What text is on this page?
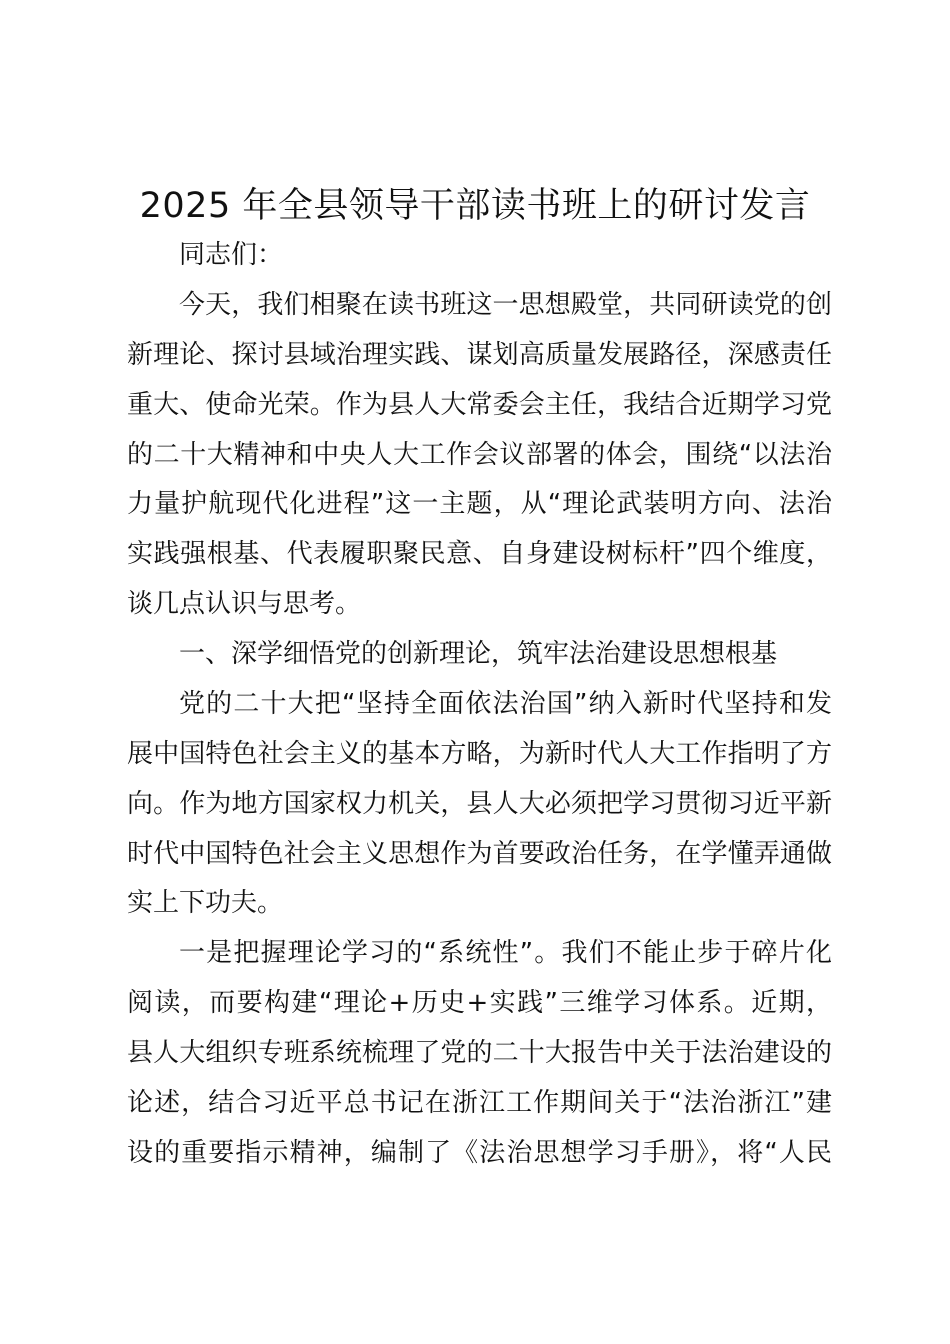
2025 年全县领导干部读书班上的研讨发言
同志们：
今天，我们相聚在读书班这一思想殿堂，共同研读党的创
新理论、探讨县域治理实践、谋划高质量发展路径，深感责任
重大、使命光荣。作为县人大常委会主任，我结合近期学习党
的二十大精神和中央人大工作会议部署的体会，围绕“以法治
力量护航现代化进程”这一主题，从“理论武装明方向、法治
实践强根基、代表履职聚民意、自身建设树标杆”四个维度，
谈几点认识与思考。
一、深学细悟党的创新理论，筑牢法治建设思想根基
党的二十大把“坚持全面依法治国”纳入新时代坚持和发
展中国特色社会主义的基本方略，为新时代人大工作指明了方
向。作为地方国家权力机关，县人大必须把学习贯彻习近平新
时代中国特色社会主义思想作为首要政治任务，在学懂弄通做
实上下功夫。
一是把握理论学习的“系统性”。我们不能止步于碎片化
阅读，而要构建“理论+历史+实践”三维学习体系。近期，
县人大组织专班系统梳理了党的二十大报告中关于法治建设的
论述，结合习近平总书记在浙江工作期间关于“法治浙江”建
设的重要指示精神，编制了《法治思想学习手册》，将“人民
